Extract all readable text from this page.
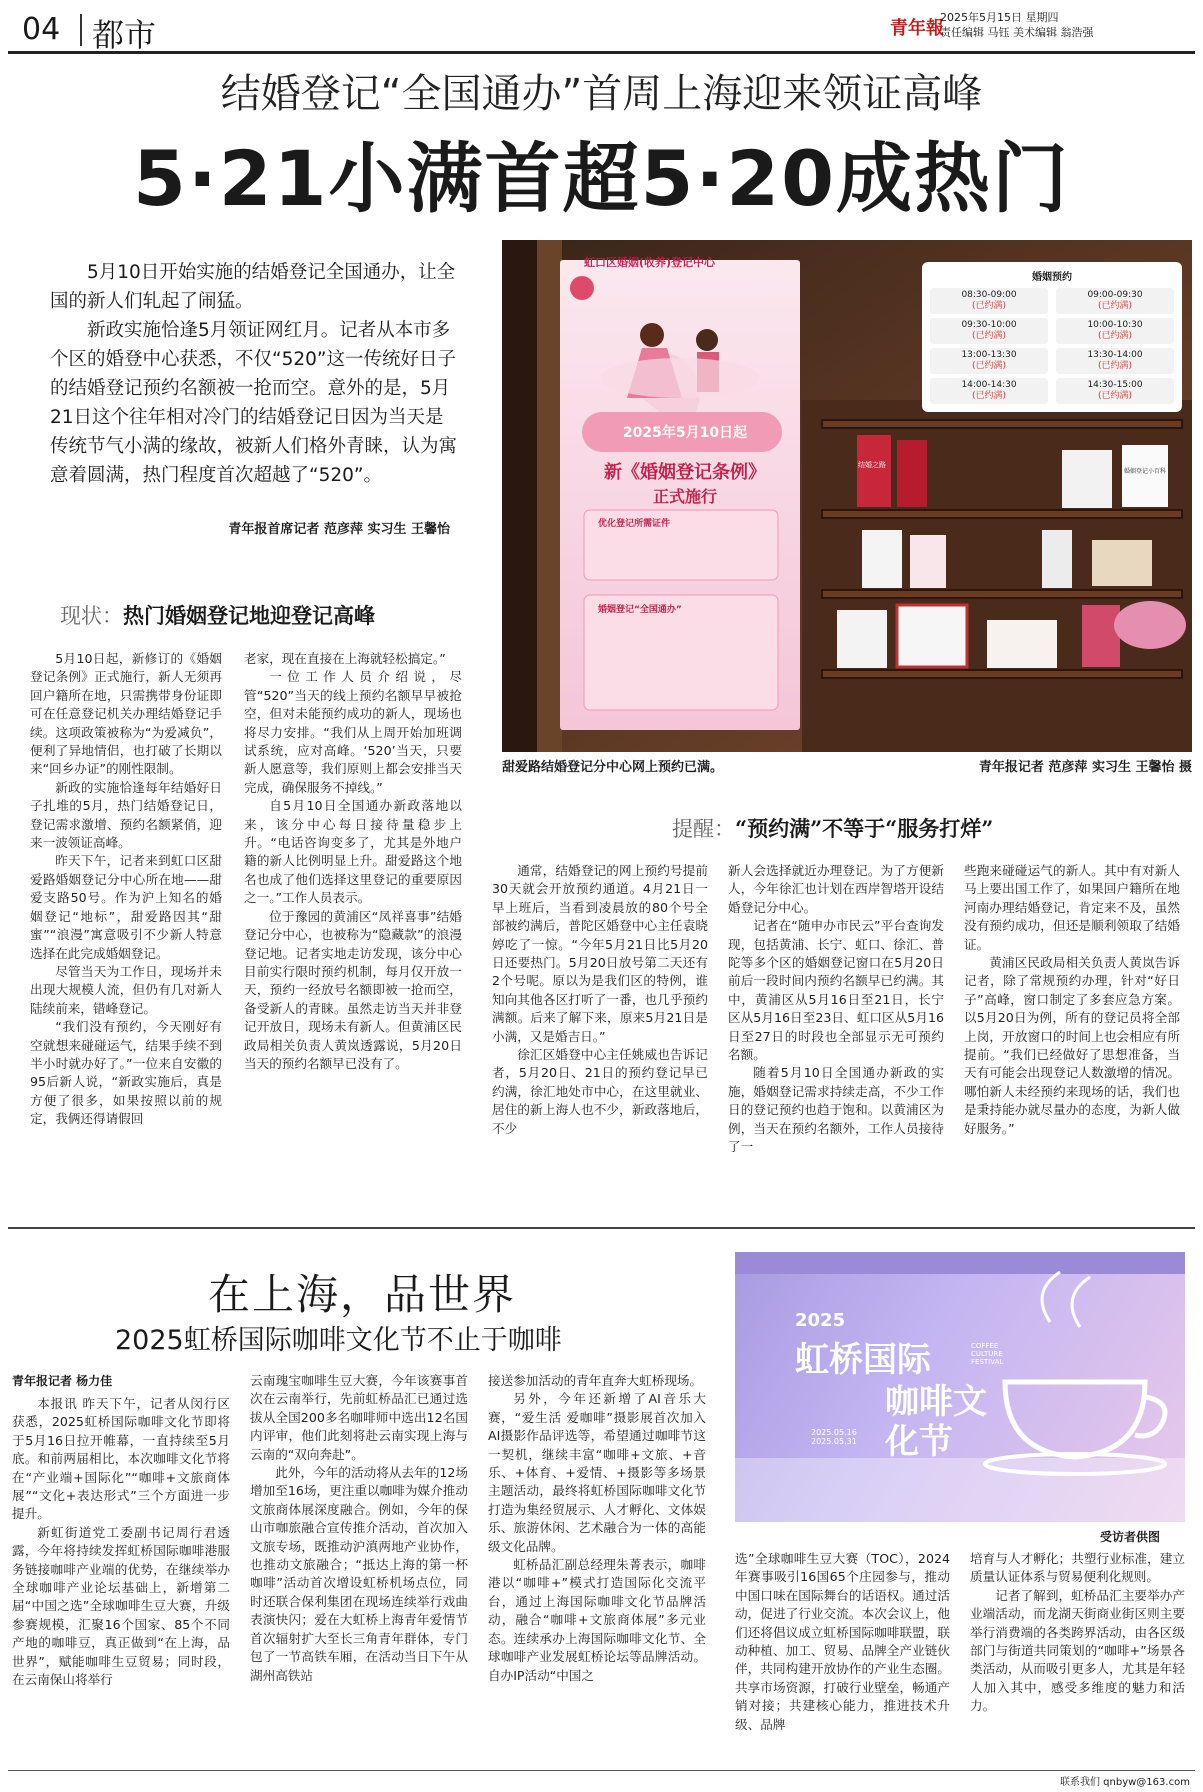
04 都市	青年報
2025年5月15日 星期四
责任编辑 马钰 美术编辑 翁浩强
结婚登记“全国通办”首周上海迎来领证高峰
5·21小满首超5·20成热门

5月10日开始实施的结婚登记全国通办，让全国的新人们轧起了闹猛。

新政实施恰逢5月领证网红月。记者从本市多个区的婚登中心获悉，不仅“520”这一传统好日子的结婚登记预约名额被一抢而空。意外的是，5月21日这个往年相对冷门的结婚登记日因为当天是传统节气小满的缘故，被新人们格外青睐，认为寓意着圆满，热门程度首次超越了“520”。

青年报首席记者 范彦萍 实习生 王馨怡
现状：热门婚姻登记地迎登记高峰

5月10日起，新修订的《婚姻登记条例》正式施行，新人无须再回户籍所在地，只需携带身份证即可在任意登记机关办理结婚登记手续。这项政策被称为“为爱减负”，便利了异地情侣，也打破了长期以来“回乡办证”的刚性限制。

新政的实施恰逢每年结婚好日子扎堆的5月，热门结婚登记日，登记需求激增、预约名额紧俏，迎来一波领证高峰。

昨天下午，记者来到虹口区甜爱路婚姻登记分中心所在地——甜爱支路50号。作为沪上知名的婚姻登记“地标”，甜爱路因其“甜蜜”“浪漫”寓意吸引不少新人特意选择在此完成婚姻登记。

尽管当天为工作日，现场并未出现大规模人流，但仍有几对新人陆续前来，错峰登记。

“我们没有预约，今天刚好有空就想来碰碰运气，结果手续不到半小时就办好了。”一位来自安徽的95后新人说，“新政实施后，真是方便了很多，如果按照以前的规定，我俩还得请假回

老家，现在直接在上海就轻松搞定。”

一位工作人员介绍说，尽管“520”当天的线上预约名额早早被抢空，但对未能预约成功的新人，现场也将尽力安排。“我们从上周开始加班调试系统，应对高峰。‘520’当天，只要新人愿意等，我们原则上都会安排当天完成，确保服务不掉线。”

自5月10日全国通办新政落地以来，该分中心每日接待量稳步上升。“电话咨询变多了，尤其是外地户籍的新人比例明显上升。甜爱路这个地名也成了他们选择这里登记的重要原因之一。”工作人员表示。

位于豫园的黄浦区“凤祥喜事”结婚登记分中心，也被称为“隐藏款”的浪漫登记地。记者实地走访发现，该分中心目前实行限时预约机制，每月仅开放一天，预约一经放号名额即被一抢而空，备受新人的青睐。虽然走访当天并非登记开放日，现场未有新人。但黄浦区民政局相关负责人黄岚透露说，5月20日当天的预约名额早已没有了。

虹口区婚姻(收养)登记中心
2025年5月10日起
新《婚姻登记条例》
正式施行
优化登记所需证件
婚姻登记“全国通办”
结婚之路
婚姻登记小百科
婚姻预约
08:30-09:00
(已约满)
09:00-09:30
(已约满)
09:30-10:00
(已约满)
10:00-10:30
(已约满)
13:00-13:30
(已约满)
13:30-14:00
(已约满)
14:00-14:30
(已约满)
14:30-15:00
(已约满)
甜爱路结婚登记分中心网上预约已满。	青年报记者 范彦萍 实习生 王馨怡 摄
提醒：“预约满”不等于“服务打烊”

通常，结婚登记的网上预约号提前30天就会开放预约通道。4月21日一早上班后，当看到凌晨放的80个号全部被约满后，普陀区婚登中心主任袁晓婷吃了一惊。“今年5月21日比5月20日还要热门。5月20日放号第二天还有2个号呢。原以为是我们区的特例，谁知向其他各区打听了一番，也几乎预约满额。后来了解下来，原来5月21日是小满，又是婚吉日。”

徐汇区婚登中心主任姚威也告诉记者，5月20日、21日的预约登记早已约满，徐汇地处市中心，在这里就业、居住的新上海人也不少，新政落地后，不少

新人会选择就近办理登记。为了方便新人，今年徐汇也计划在西岸智塔开设结婚登记分中心。

记者在“随申办市民云”平台查询发现，包括黄浦、长宁、虹口、徐汇、普陀等多个区的婚姻登记窗口在5月20日前后一段时间内预约名额早已约满。其中，黄浦区从5月16日至21日，长宁区从5月16日至23日、虹口区从5月16日至27日的时段也全部显示无可预约名额。

随着5月10日全国通办新政的实施，婚姻登记需求持续走高，不少工作日的登记预约也趋于饱和。以黄浦区为例，当天在预约名额外，工作人员接待了一

些跑来碰碰运气的新人。其中有对新人马上要出国工作了，如果回户籍所在地河南办理结婚登记，肯定来不及，虽然没有预约成功，但还是顺利领取了结婚证。

黄浦区民政局相关负责人黄岚告诉记者，除了常规预约办理，针对“好日子”高峰，窗口制定了多套应急方案。以5月20日为例，所有的登记员将全部上岗，开放窗口的时间上也会相应有所提前。“我们已经做好了思想准备，当天有可能会出现登记人数激增的情况。哪怕新人未经预约来现场的话，我们也是秉持能办就尽量办的态度，为新人做好服务。”

在上海，品世界
2025虹桥国际咖啡文化节不止于咖啡
2025
虹桥国际
咖啡文
化节
COFFEE CULTURE FESTIVAL
2025.05.16
2025.05.31
受访者供图
青年报记者 杨力佳

本报讯 昨天下午，记者从闵行区获悉，2025虹桥国际咖啡文化节即将于5月16日拉开帷幕，一直持续至5月底。和前两届相比，本次咖啡文化节将在“产业端+国际化”“咖啡+文旅商体展”“文化+表达形式”三个方面进一步提升。

新虹街道党工委副书记周行君透露，今年将持续发挥虹桥国际咖啡港服务链接咖啡产业端的优势，在继续举办全球咖啡产业论坛基础上，新增第二届“中国之选”全球咖啡生豆大赛，升级参赛规模，汇聚16个国家、85个不同产地的咖啡豆，真正做到“在上海，品世界”，赋能咖啡生豆贸易；同时段，在云南保山将举行

云南瑰宝咖啡生豆大赛，今年该赛事首次在云南举行，先前虹桥品汇已通过选拔从全国200多名咖啡师中选出12名国内评审，他们此刻将赴云南实现上海与云南的“双向奔赴”。

此外，今年的活动将从去年的12场增加至16场，更注重以咖啡为媒介推动文旅商体展深度融合。例如，今年的保山市咖旅融合宣传推介活动，首次加入文旅专场，既推动沪滇两地产业协作，也推动文旅融合；“抵达上海的第一杯咖啡”活动首次增设虹桥机场点位，同时还联合保利集团在现场连续举行戏曲表演快闪；爱在大虹桥上海青年爱情节首次辐射扩大至长三角青年群体，专门包了一节高铁车厢，在活动当日下午从湖州高铁站

接送参加活动的青年直奔大虹桥现场。

另外，今年还新增了AI音乐大赛，“爱生活 爱咖啡”摄影展首次加入AI摄影作品评选等，希望通过咖啡节这一契机，继续丰富“咖啡+文旅、+音乐、+体育、+爱情、+摄影等多场景主题活动，最终将虹桥国际咖啡文化节打造为集经贸展示、人才孵化、文体娱乐、旅游休闲、艺术融合为一体的高能级文化品牌。

虹桥品汇副总经理朱菁表示，咖啡港以“咖啡+”模式打造国际化交流平台，通过上海国际咖啡文化节品牌活动，融合“咖啡+文旅商体展”多元业态。连续承办上海国际咖啡文化节、全球咖啡产业发展虹桥论坛等品牌活动。自办IP活动“中国之

选”全球咖啡生豆大赛（TOC），2024年赛事吸引16国65个庄园参与，推动中国口味在国际舞台的话语权。通过活动，促进了行业交流。本次会议上，他们还将倡议成立虹桥国际咖啡联盟，联动种植、加工、贸易、品牌全产业链伙伴，共同构建开放协作的产业生态圈。共享市场资源，打破行业壁垒，畅通产销对接；共建核心能力，推进技术升级、品牌

培育与人才孵化；共塑行业标准，建立质量认证体系与贸易便利化规则。

记者了解到，虹桥品汇主要举办产业端活动，而龙湖天街商业街区则主要举行消费端的各类跨界活动，由各区级部门与街道共同策划的“咖啡+”场景各类活动，从而吸引更多人，尤其是年轻人加入其中，感受多维度的魅力和活力。

联系我们 qnbyw@163.com
